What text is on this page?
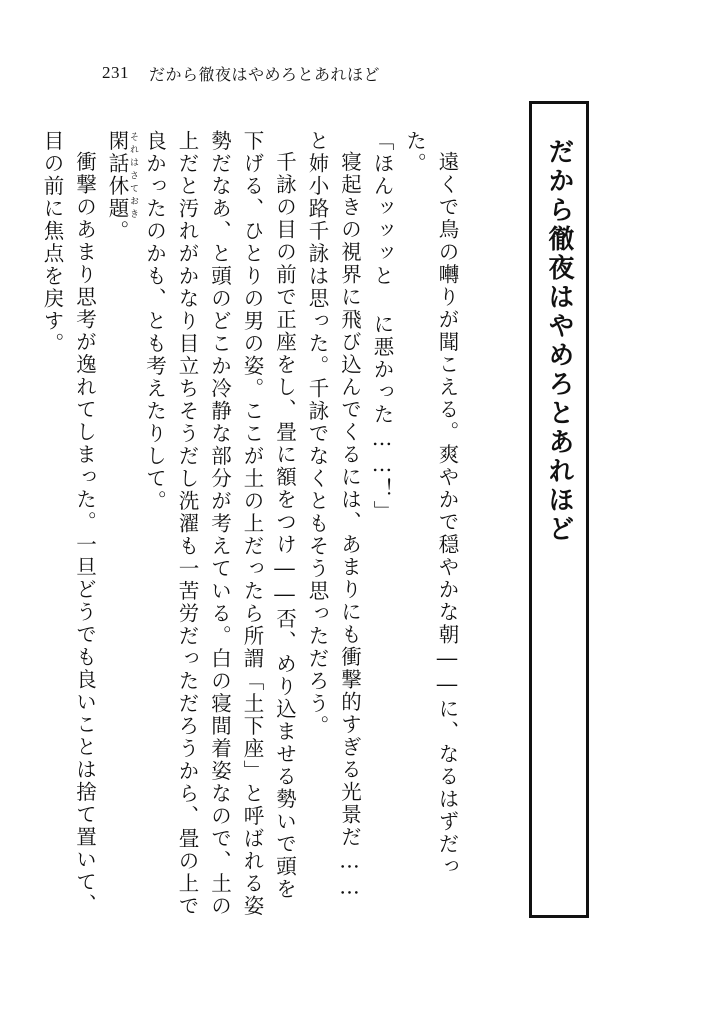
231 だから徹夜はやめろとあれほど
だから徹夜はやめろとあれほど

遠くで鳥の囀りが聞こえる。爽やかで穏やかな朝――に、なるはずだった。

「ほんッッッと に悪かった……！」

寝起きの視界に飛び込んでくるには、あまりにも衝撃的すぎる光景だ……と姉小路千詠は思った。千詠でなくともそう思っただろう。

千詠の目の前で正座をし、畳に額をつけ――否、めり込ませる勢いで頭を下げる、ひとりの男の姿。ここが土の上だったら所謂「土下座」と呼ばれる姿勢だなあ、と頭のどこか冷静な部分が考えている。白の寝間着姿なので、土の上だと汚れがかなり目立ちそうだし洗濯も一苦労だっただろうから、畳の上で良かったのかも、とも考えたりして。

閑話休題 それはさておき。

衝撃のあまり思考が逸れてしまった。一旦どうでも良いことは捨て置いて、目の前に焦点を戻す。
